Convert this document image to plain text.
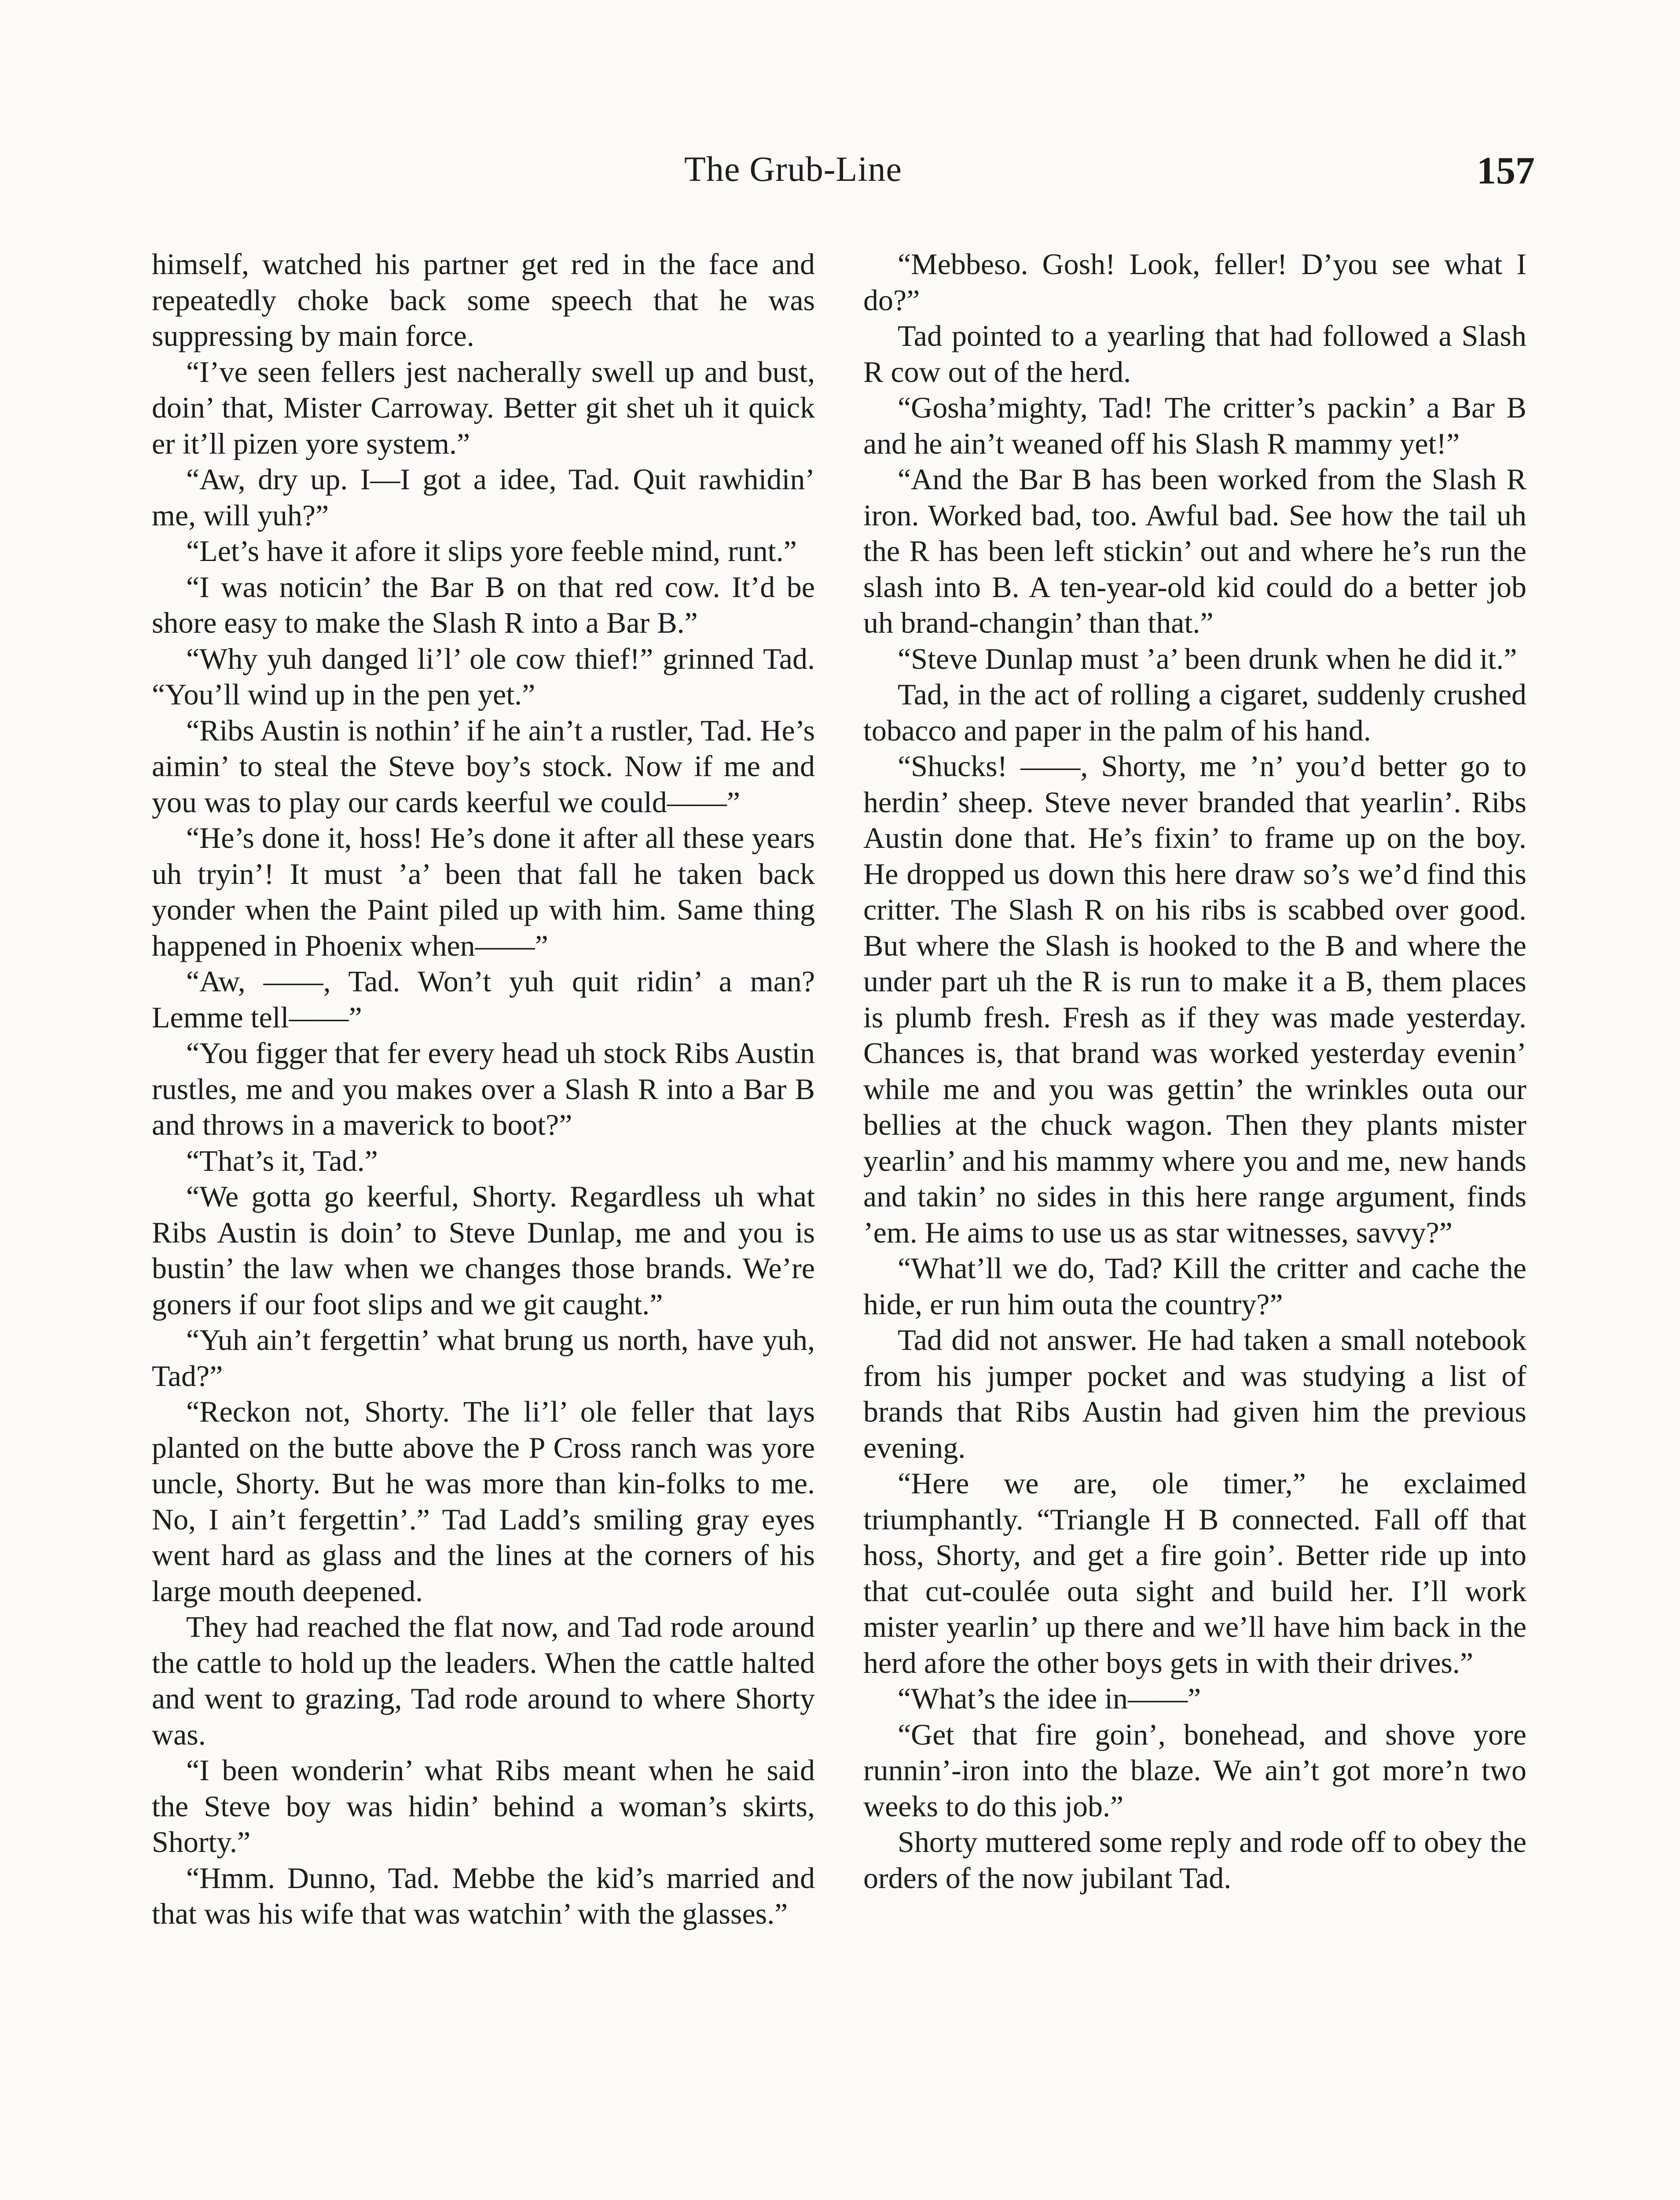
The Grub-Line	157

himself, watched his partner get red in the face and repeatedly choke back some speech that he was suppressing by main force.

“I’ve seen fellers jest nacherally swell up and bust, doin’ that, Mister Carroway. Better git shet uh it quick er it’ll pizen yore system.”

“Aw, dry up. I—I got a idee, Tad. Quit rawhidin’ me, will yuh?”

“Let’s have it afore it slips yore feeble mind, runt.”

“I was noticin’ the Bar B on that red cow. It’d be shore easy to make the Slash R into a Bar B.”

“Why yuh danged li’l’ ole cow thief!” grinned Tad. “You’ll wind up in the pen yet.”

“Ribs Austin is nothin’ if he ain’t a rustler, Tad. He’s aimin’ to steal the Steve boy’s stock. Now if me and you was to play our cards keerful we could——”

“He’s done it, hoss! He’s done it after all these years uh tryin’! It must ’a’ been that fall he taken back yonder when the Paint piled up with him. Same thing happened in Phoenix when——”

“Aw, ——, Tad. Won’t yuh quit ridin’ a man? Lemme tell——”

“You figger that fer every head uh stock Ribs Austin rustles, me and you makes over a Slash R into a Bar B and throws in a maverick to boot?”

“That’s it, Tad.”

“We gotta go keerful, Shorty. Regardless uh what Ribs Austin is doin’ to Steve Dunlap, me and you is bustin’ the law when we changes those brands. We’re goners if our foot slips and we git caught.”

“Yuh ain’t fergettin’ what brung us north, have yuh, Tad?”

“Reckon not, Shorty. The li’l’ ole feller that lays planted on the butte above the P Cross ranch was yore uncle, Shorty. But he was more than kin-folks to me. No, I ain’t fergettin’.” Tad Ladd’s smiling gray eyes went hard as glass and the lines at the corners of his large mouth deepened.

They had reached the flat now, and Tad rode around the cattle to hold up the leaders. When the cattle halted and went to grazing, Tad rode around to where Shorty was.

“I been wonderin’ what Ribs meant when he said the Steve boy was hidin’ behind a woman’s skirts, Shorty.”

“Hmm. Dunno, Tad. Mebbe the kid’s married and that was his wife that was watchin’ with the glasses.”

“Mebbeso. Gosh! Look, feller! D’you see what I do?”

Tad pointed to a yearling that had followed a Slash R cow out of the herd.

“Gosha’mighty, Tad! The critter’s packin’ a Bar B and he ain’t weaned off his Slash R mammy yet!”

“And the Bar B has been worked from the Slash R iron. Worked bad, too. Awful bad. See how the tail uh the R has been left stickin’ out and where he’s run the slash into B. A ten-year-old kid could do a better job uh brand-changin’ than that.”

“Steve Dunlap must ’a’ been drunk when he did it.”

Tad, in the act of rolling a cigaret, suddenly crushed tobacco and paper in the palm of his hand.

“Shucks! ——, Shorty, me ’n’ you’d better go to herdin’ sheep. Steve never branded that yearlin’. Ribs Austin done that. He’s fixin’ to frame up on the boy. He dropped us down this here draw so’s we’d find this critter. The Slash R on his ribs is scabbed over good. But where the Slash is hooked to the B and where the under part uh the R is run to make it a B, them places is plumb fresh. Fresh as if they was made yesterday. Chances is, that brand was worked yesterday evenin’ while me and you was gettin’ the wrinkles outa our bellies at the chuck wagon. Then they plants mister yearlin’ and his mammy where you and me, new hands and takin’ no sides in this here range argument, finds ’em. He aims to use us as star witnesses, savvy?”

“What’ll we do, Tad? Kill the critter and cache the hide, er run him outa the country?”

Tad did not answer. He had taken a small notebook from his jumper pocket and was studying a list of brands that Ribs Austin had given him the previous evening.

“Here we are, ole timer,” he exclaimed triumphantly. “Triangle H B connected. Fall off that hoss, Shorty, and get a fire goin’. Better ride up into that cut-coulée outa sight and build her. I’ll work mister yearlin’ up there and we’ll have him back in the herd afore the other boys gets in with their drives.”

“What’s the idee in——”

“Get that fire goin’, bonehead, and shove yore runnin’-iron into the blaze. We ain’t got more’n two weeks to do this job.”

Shorty muttered some reply and rode off to obey the orders of the now jubilant Tad.
